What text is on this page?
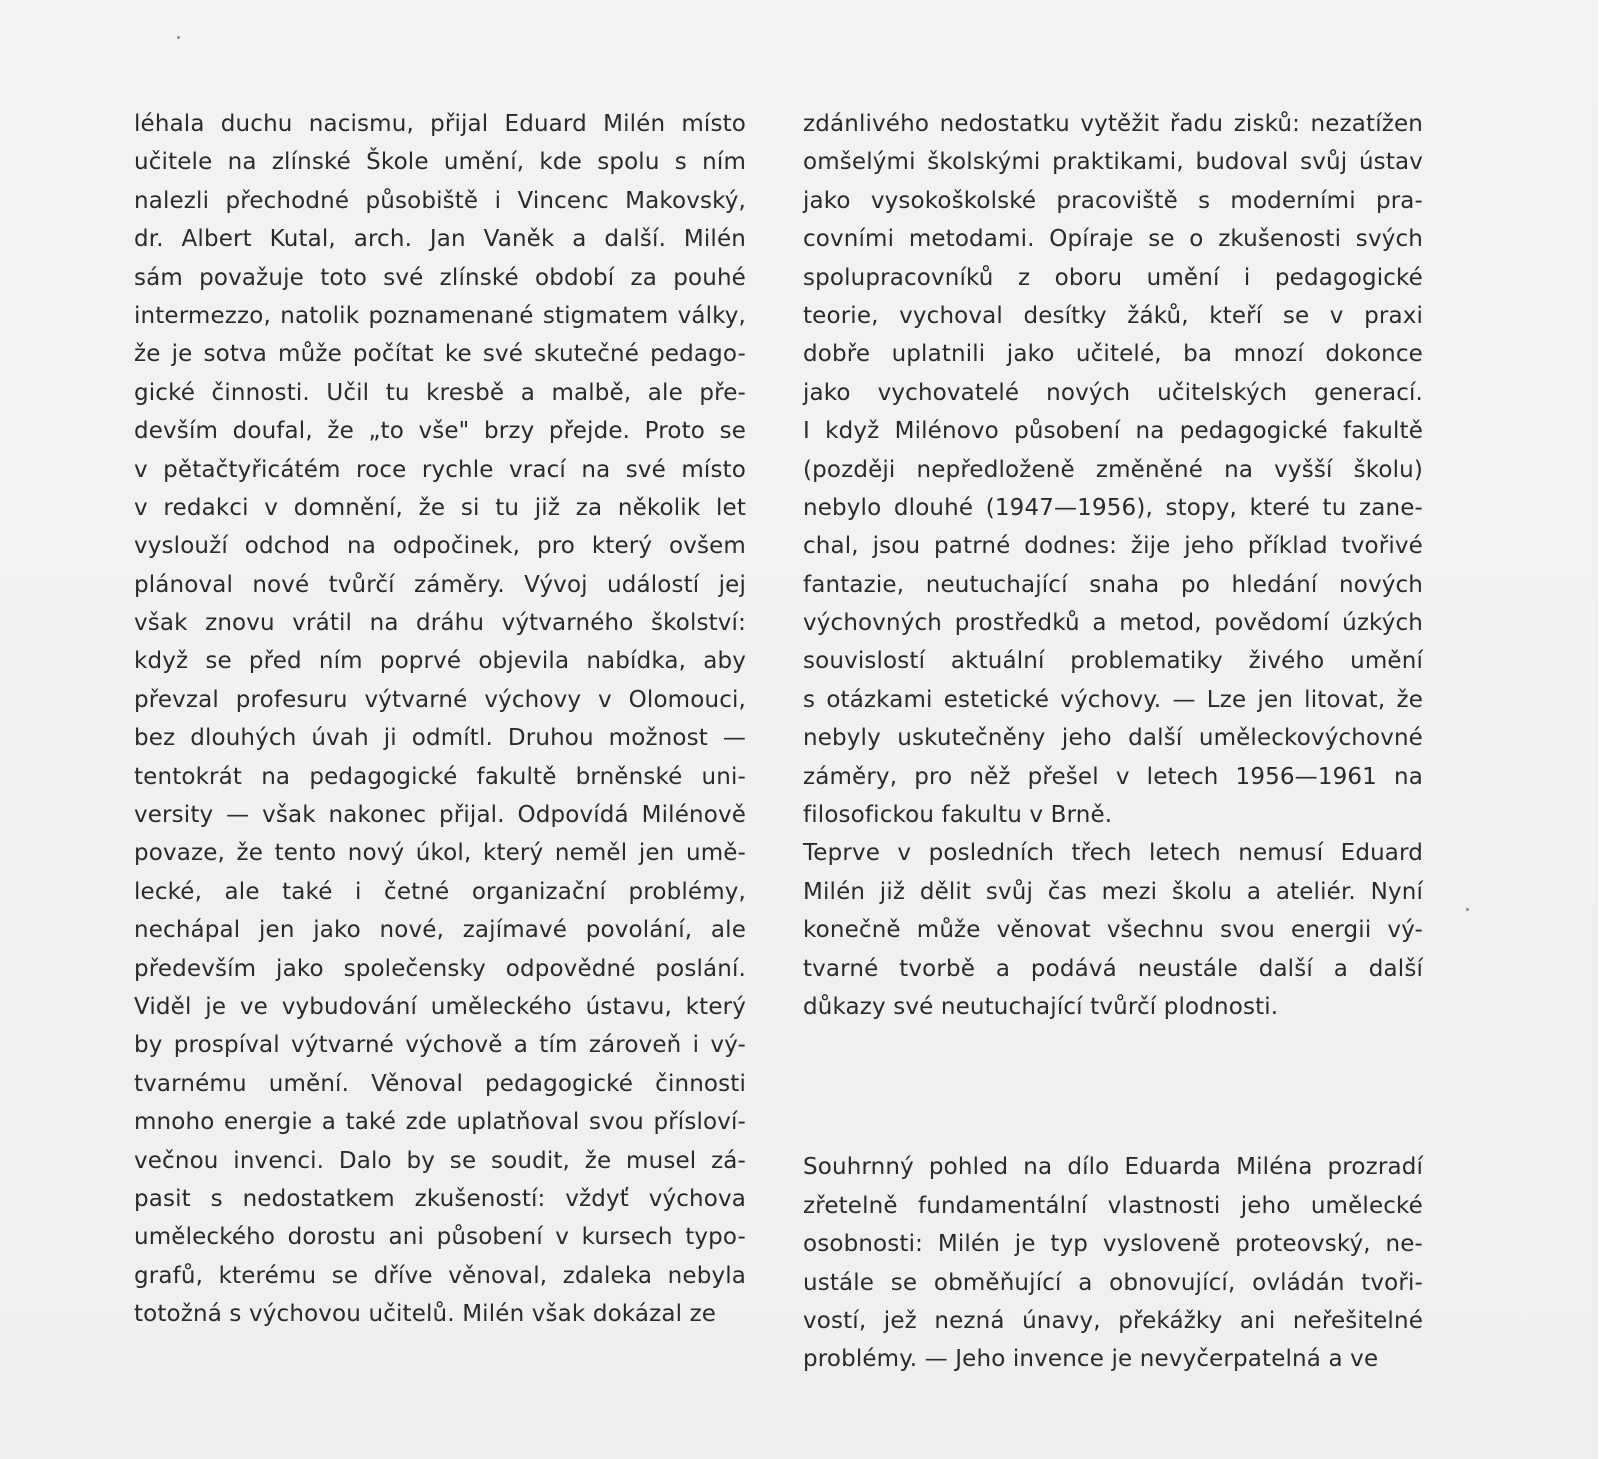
léhala duchu nacismu, přijal Eduard Milén místo
učitele na zlínské Škole umění, kde spolu s ním
nalezli přechodné působiště i Vincenc Makovský,
dr. Albert Kutal, arch. Jan Vaněk a další. Milén
sám považuje toto své zlínské období za pouhé
intermezzo, natolik poznamenané stigmatem války,
že je sotva může počítat ke své skutečné pedago-
gické činnosti. Učil tu kresbě a malbě, ale pře-
devším doufal, že „to vše" brzy přejde. Proto se
v pětačtyřicátém roce rychle vrací na své místo
v redakci v domnění, že si tu již za několik let
vyslouží odchod na odpočinek, pro který ovšem
plánoval nové tvůrčí záměry. Vývoj událostí jej
však znovu vrátil na dráhu výtvarného školství:
když se před ním poprvé objevila nabídka, aby
převzal profesuru výtvarné výchovy v Olomouci,
bez dlouhých úvah ji odmítl. Druhou možnost —
tentokrát na pedagogické fakultě brněnské uni-
versity — však nakonec přijal. Odpovídá Milénově
povaze, že tento nový úkol, který neměl jen umě-
lecké, ale také i četné organizační problémy,
nechápal jen jako nové, zajímavé povolání, ale
především jako společensky odpovědné poslání.
Viděl je ve vybudování uměleckého ústavu, který
by prospíval výtvarné výchově a tím zároveň i vý-
tvarnému umění. Věnoval pedagogické činnosti
mnoho energie a také zde uplatňoval svou přísloví-
večnou invenci. Dalo by se soudit, že musel zá-
pasit s nedostatkem zkušeností: vždyť výchova
uměleckého dorostu ani působení v kursech typo-
grafů, kterému se dříve věnoval, zdaleka nebyla
totožná s výchovou učitelů. Milén však dokázal ze
zdánlivého nedostatku vytěžit řadu zisků: nezatížen
omšelými školskými praktikami, budoval svůj ústav
jako vysokoškolské pracoviště s moderními pra-
covními metodami. Opíraje se o zkušenosti svých
spolupracovníků z oboru umění i pedagogické
teorie, vychoval desítky žáků, kteří se v praxi
dobře uplatnili jako učitelé, ba mnozí dokonce
jako vychovatelé nových učitelských generací.
I když Milénovo působení na pedagogické fakultě
(později nepředloženě změněné na vyšší školu)
nebylo dlouhé (1947—1956), stopy, které tu zane-
chal, jsou patrné dodnes: žije jeho příklad tvořivé
fantazie, neutuchající snaha po hledání nových
výchovných prostředků a metod, povědomí úzkých
souvislostí aktuální problematiky živého umění
s otázkami estetické výchovy. — Lze jen litovat, že
nebyly uskutečněny jeho další uměleckovýchovné
záměry, pro něž přešel v letech 1956—1961 na
filosofickou fakultu v Brně.
Teprve v posledních třech letech nemusí Eduard
Milén již dělit svůj čas mezi školu a ateliér. Nyní
konečně může věnovat všechnu svou energii vý-
tvarné tvorbě a podává neustále další a další
důkazy své neutuchající tvůrčí plodnosti.
Souhrnný pohled na dílo Eduarda Miléna prozradí
zřetelně fundamentální vlastnosti jeho umělecké
osobnosti: Milén je typ vysloveně proteovský, ne-
ustále se obměňující a obnovující, ovládán tvoři-
vostí, jež nezná únavy, překážky ani neřešitelné
problémy. — Jeho invence je nevyčerpatelná a ve
